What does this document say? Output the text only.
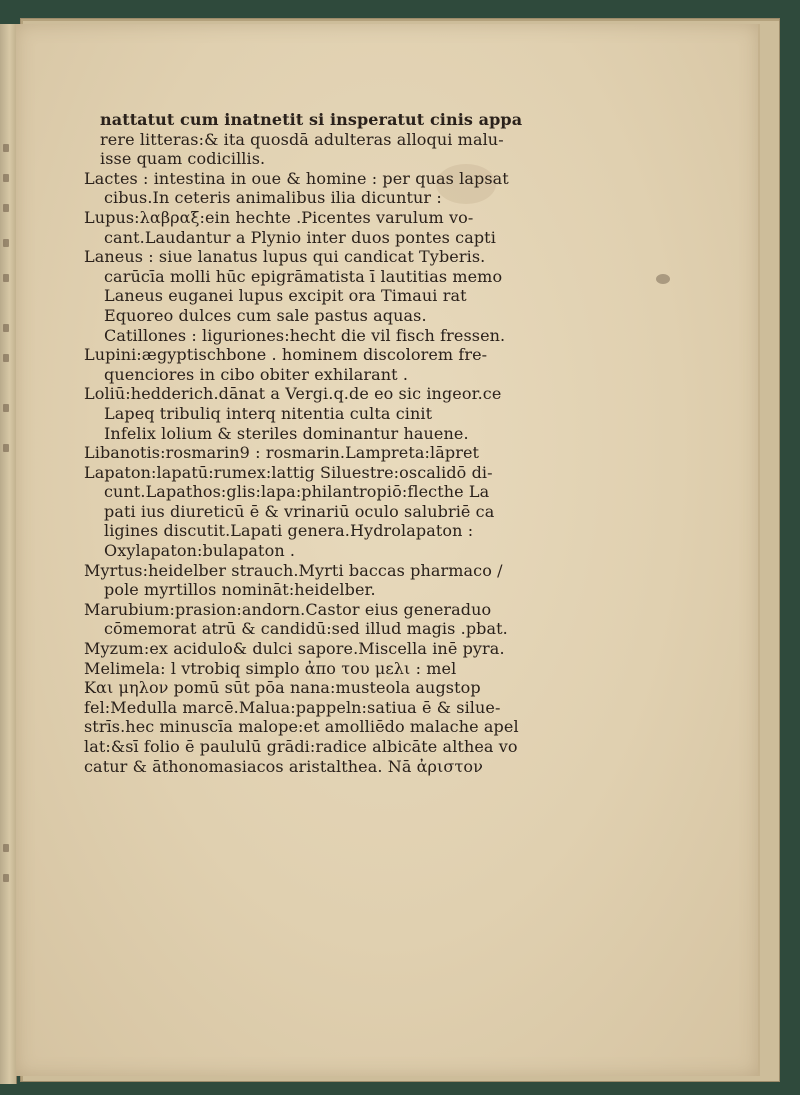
nattatut cum inatnetit si insperatut cinis appa
rere litteras:& ita quosdā adulteras alloqui malu-
isse quam codicillis.
Lactes : intestina in oue & homine : per quas lapsat
cibus.In ceteris animalibus ilia dicuntur :
Lupus:λαβραξ:ein hechte .Picentes varulum vo-
cant.Laudantur a Plynio inter duos pontes capti
Laneus : siue lanatus lupus qui candicat Tyberis.
carūcīa molli hūc epigrāmatista ī lautitias memo
Laneus euganei lupus excipit ora Timaui rat
Equoreo dulces cum sale pastus aquas.
Catillones : liguriones:hecht die vil fisch fressen.
Lupini:ægyptischbone . hominem discolorem fre-
quenciores in cibo obiter exhilarant .
Loliū:hedderich.dānat a Vergi.q.de eo sic ingeor.ce
Lapeq tribuliq interq nitentia culta cinit
Infelix lolium & steriles dominantur hauene.
Libanotis:rosmarin9 : rosmarin.Lampreta:lāpret
Lapaton:lapatū:rumex:lattig Siluestre:oscalidō di-
cunt.Lapathos:glis:lapa:philantropiō:flecthe La
pati ius diureticū ē & vrinariū oculo salubriē ca
ligines discutit.Lapati genera.Hydrolapaton :
Oxylapaton:bulapaton .
Myrtus:heidelber strauch.Myrti baccas pharmaco /
pole myrtillos nomināt:heidelber.
Marubium:prasion:andorn.Castor eius generaduo
cōmemorat atrū & candidū:sed illud magis .pbat.
Myzum:ex acidulo& dulci sapore.Miscella inē pyra.
Melimela: l vtrobiq simplo ἀπο του μελι : mel
Και μηλον pomū sūt pōa nana:musteola augstop
fel:Medulla marcē.Malua:pappeln:satiua ē & silue-
strīs.hec minuscīa malope:et amolliēdo malache apel
lat:&sī folio ē paululū grādi:radice albicāte althea vo
catur & āthonomasiacos aristalthea. Nā ἀριστον
